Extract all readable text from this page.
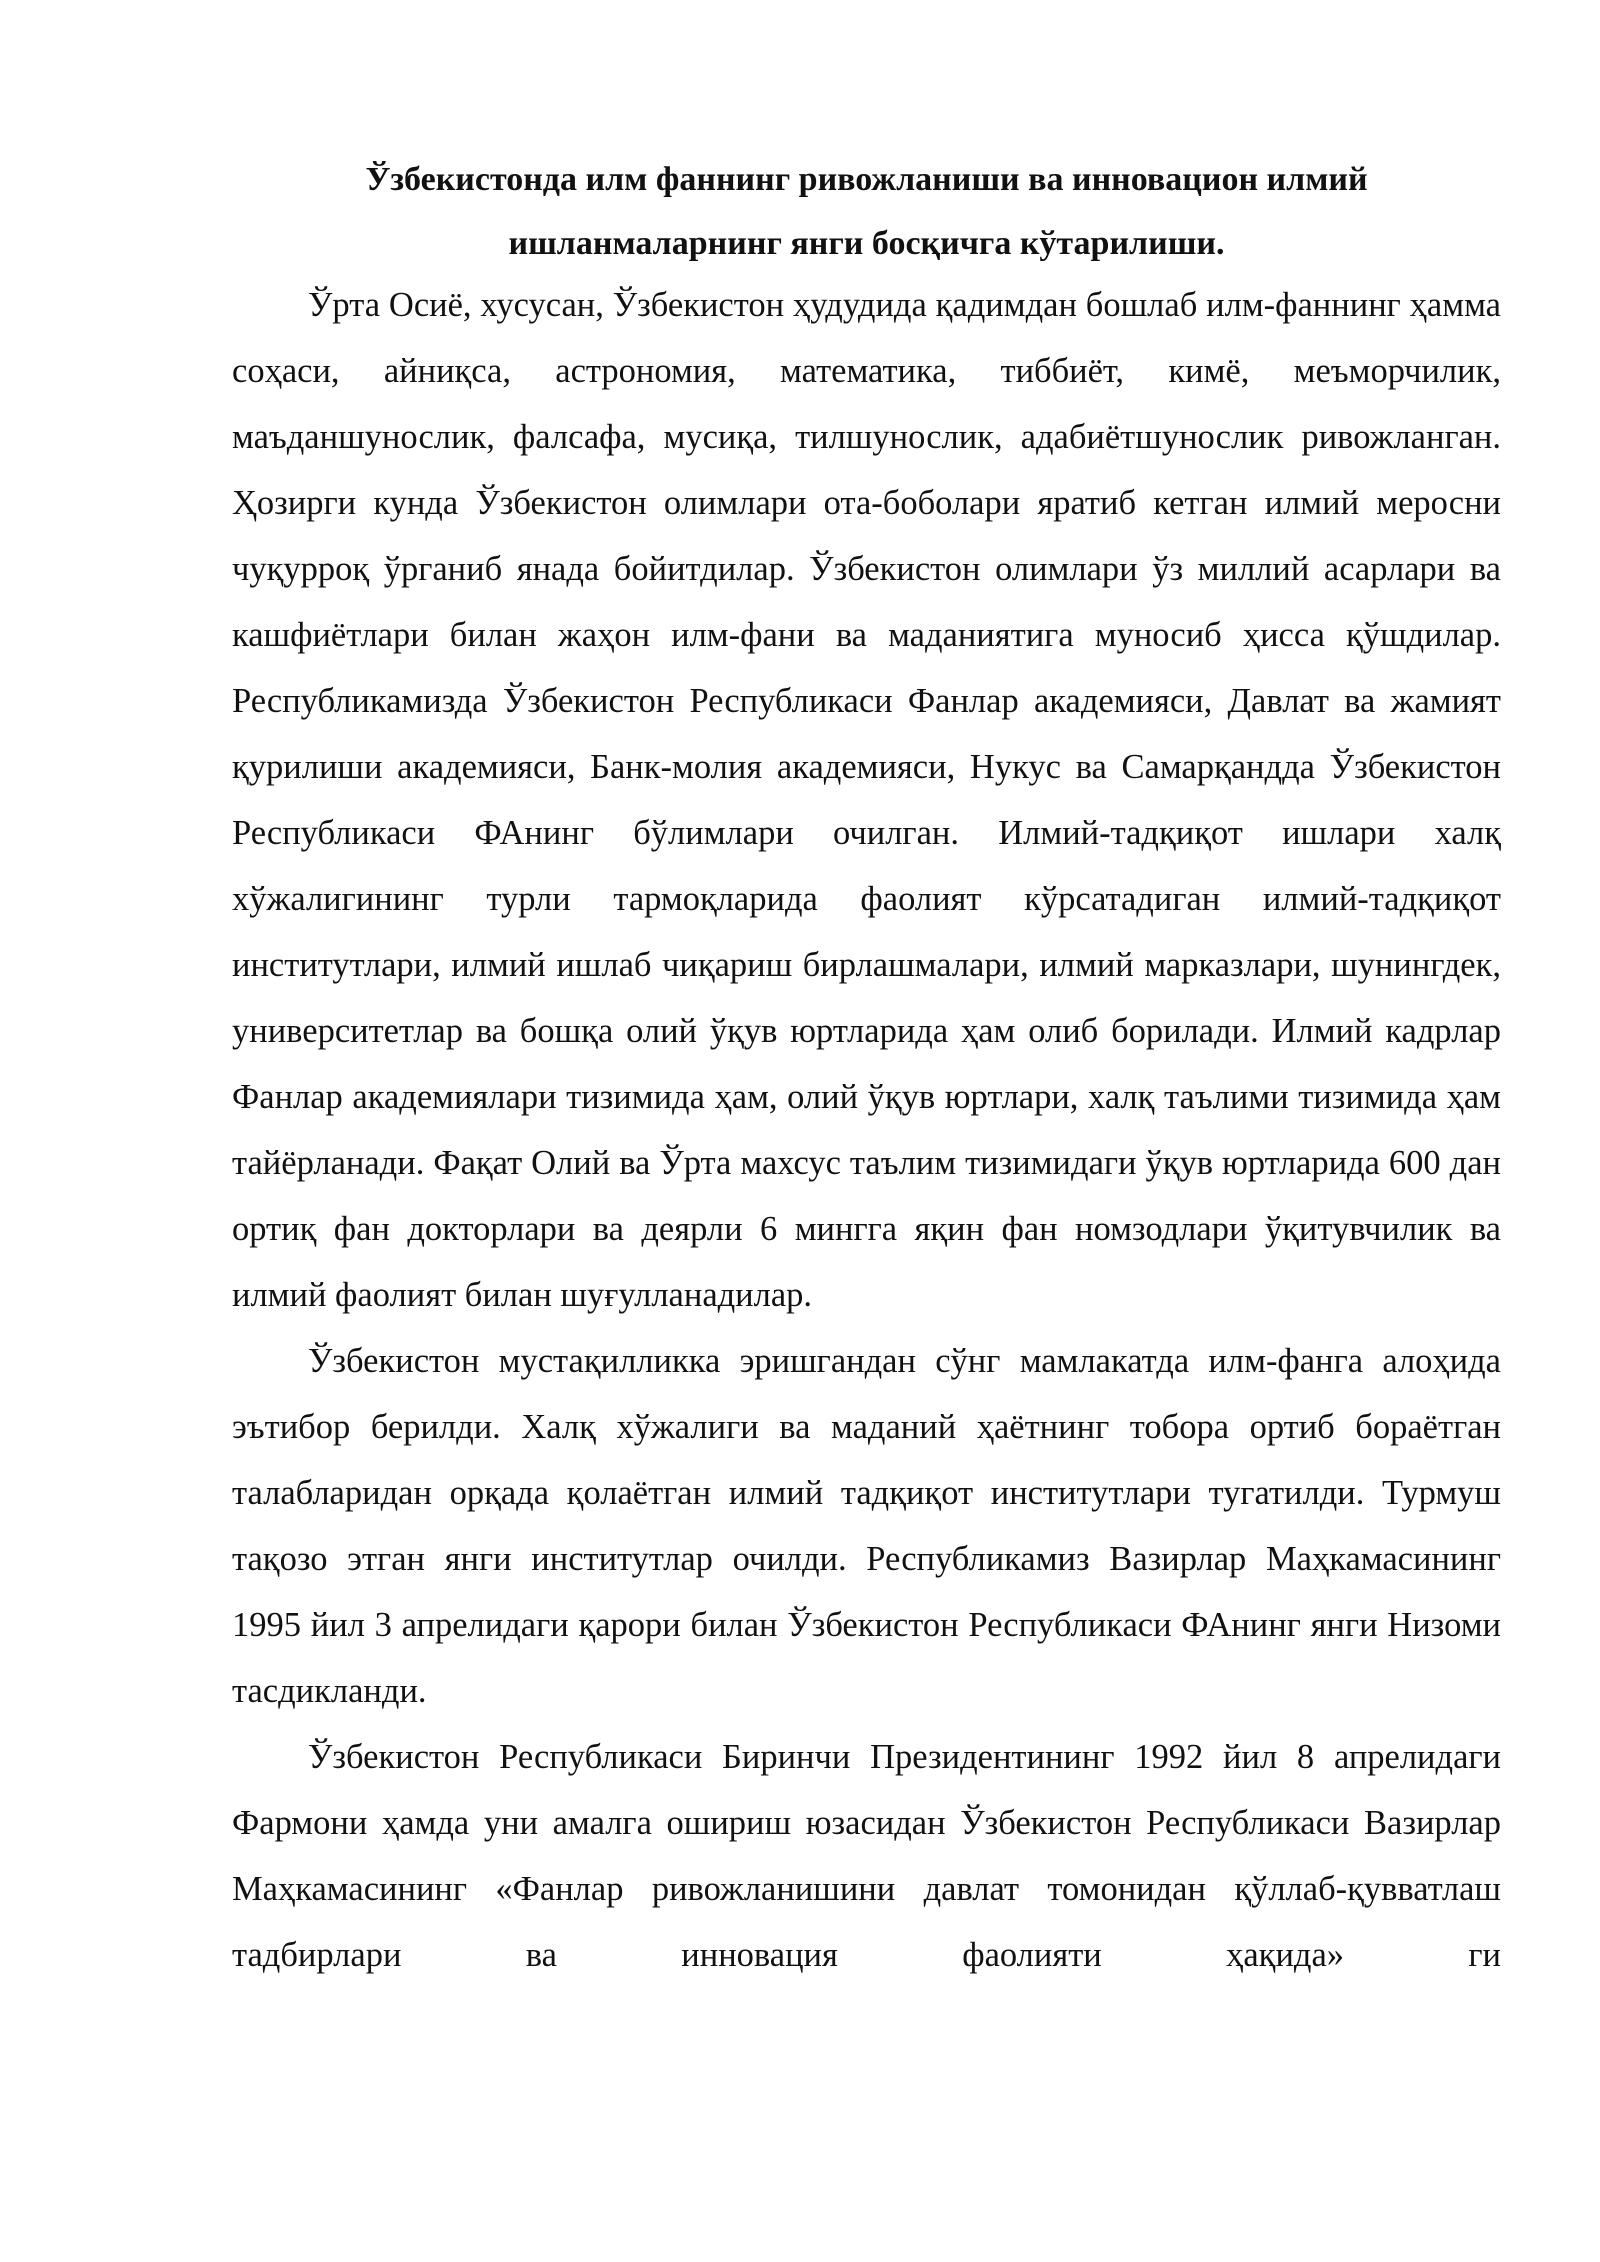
Ўзбекистонда илм фаннинг ривожланиши ва инновацион илмий
ишланмаларнинг янги босқичга кўтарилиши.

Ўрта Осиё, хусусан, Ўзбекистон ҳудудида қадимдан бошлаб илм-фаннинг ҳамма соҳаси, айниқса, астрономия, математика, тиббиёт, кимё, меъморчилик, маъданшунослик, фалсафа, мусиқа, тилшунослик, адабиётшунослик ривожланган. Ҳозирги кунда Ўзбекистон олимлари ота-боболари яратиб кетган илмий меросни чуқурроқ ўрганиб янада бойитдилар. Ўзбекистон олимлари ўз миллий асарлари ва кашфиётлари билан жаҳон илм-фани ва маданиятига муносиб ҳисса қўшдилар. Республикамизда Ўзбекистон Республикаси Фанлар академияси, Давлат ва жамият қурилиши академияси, Банк-молия академияси, Нукус ва Самарқандда Ўзбекистон Республикаси ФАнинг бўлимлари очилган. Илмий-тадқиқот ишлари халқ хўжалигининг турли тармоқларида фаолият кўрсатадиган илмий-тадқиқот институтлари, илмий ишлаб чиқариш бирлашмалари, илмий марказлари, шунингдек, университетлар ва бошқа олий ўқув юртларида ҳам олиб борилади. Илмий кадрлар Фанлар академиялари тизимида ҳам, олий ўқув юртлари, халқ таълими тизимида ҳам тайёрланади. Фақат Олий ва Ўрта махсус таълим тизимидаги ўқув юртларида 600 дан ортиқ фан докторлари ва деярли 6 мингга яқин фан номзодлари ўқитувчилик ва илмий фаолият билан шуғулланадилар.

Ўзбекистон мустақилликка эришгандан сўнг мамлакатда илм-фанга алоҳида эътибор берилди. Халқ хўжалиги ва маданий ҳаётнинг тобора ортиб бораётган талабларидан орқада қолаётган илмий тадқиқот институтлари тугатилди. Турмуш тақозо этган янги институтлар очилди. Республикамиз Вазирлар Маҳкамасининг 1995 йил 3 апрелидаги қарори билан Ўзбекистон Республикаси ФАнинг янги Низоми тасдикланди.

Ўзбекистон Республикаси Биринчи Президентининг 1992 йил 8 апрелидаги Фармони ҳамда уни амалга ошириш юзасидан Ўзбекистон Республикаси Вазирлар Маҳкамасининг «Фанлар ривожланишини давлат томонидан қўллаб-қувватлаш тадбирлари ва инновация фаолияти ҳақида» ги
